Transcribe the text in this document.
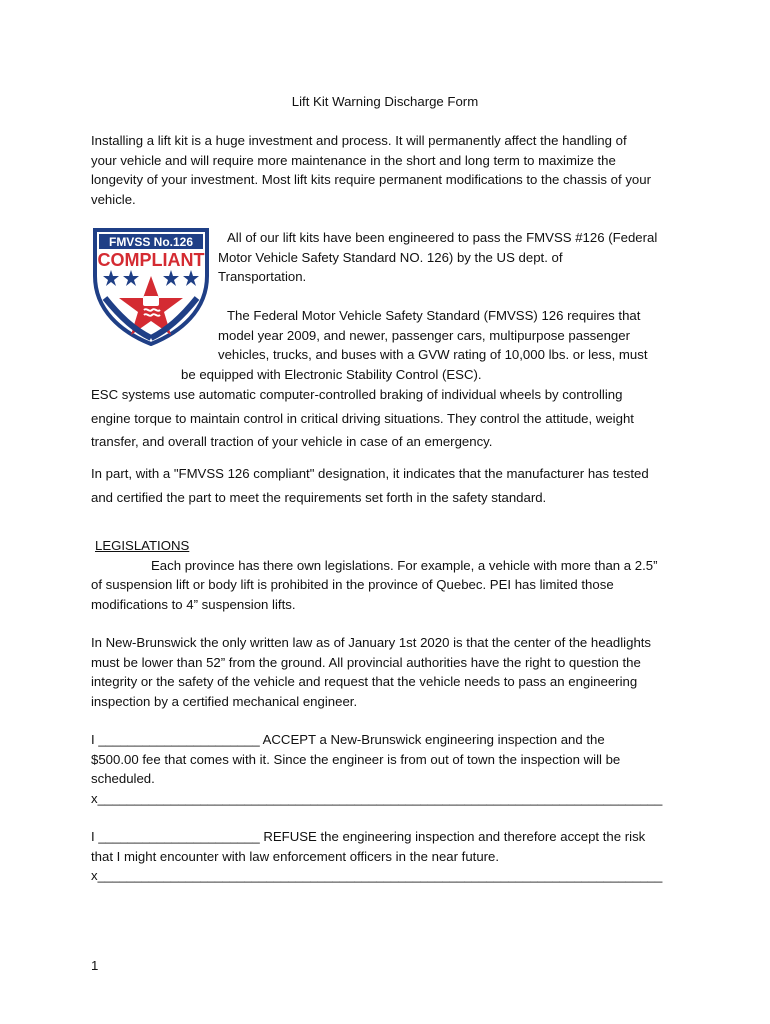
Lift Kit Warning Discharge Form
Installing a lift kit is a huge investment and process. It will permanently affect the handling of
your vehicle and will require more maintenance in the short and long term to maximize the
longevity of your investment. Most lift kits require permanent modifications to the chassis of your
vehicle.
FMVSS No.126
COMPLIANT
All of our lift kits have been engineered to pass the FMVSS #126 (Federal
Motor Vehicle Safety Standard NO. 126) by the US dept. of
Transportation.
The Federal Motor Vehicle Safety Standard (FMVSS) 126 requires that
model year 2009, and newer, passenger cars, multipurpose passenger
vehicles, trucks, and buses with a GVW rating of 10,000 lbs. or less, must
be equipped with Electronic Stability Control (ESC).
ESC systems use automatic computer-controlled braking of individual wheels by controlling
engine torque to maintain control in critical driving situations. They control the attitude, weight
transfer, and overall traction of your vehicle in case of an emergency.
In part, with a "FMVSS 126 compliant" designation, it indicates that the manufacturer has tested
and certified the part to meet the requirements set forth in the safety standard.
LEGISLATIONS
Each province has there own legislations. For example, a vehicle with more than a 2.5”
of suspension lift or body lift is prohibited in the province of Quebec. PEI has limited those
modifications to 4” suspension lifts.
In New-Brunswick the only written law as of January 1st 2020 is that the center of the headlights
must be lower than 52” from the ground. All provincial authorities have the right to question the
integrity or the safety of the vehicle and request that the vehicle needs to pass an engineering
inspection by a certified mechanical engineer.
I ______________________ ACCEPT a New-Brunswick engineering inspection and the
$500.00 fee that comes with it. Since the engineer is from out of town the inspection will be
scheduled.
x_____________________________________________________________________________
I ______________________ REFUSE the engineering inspection and therefore accept the risk
that I might encounter with law enforcement officers in the near future.
x_____________________________________________________________________________
1
